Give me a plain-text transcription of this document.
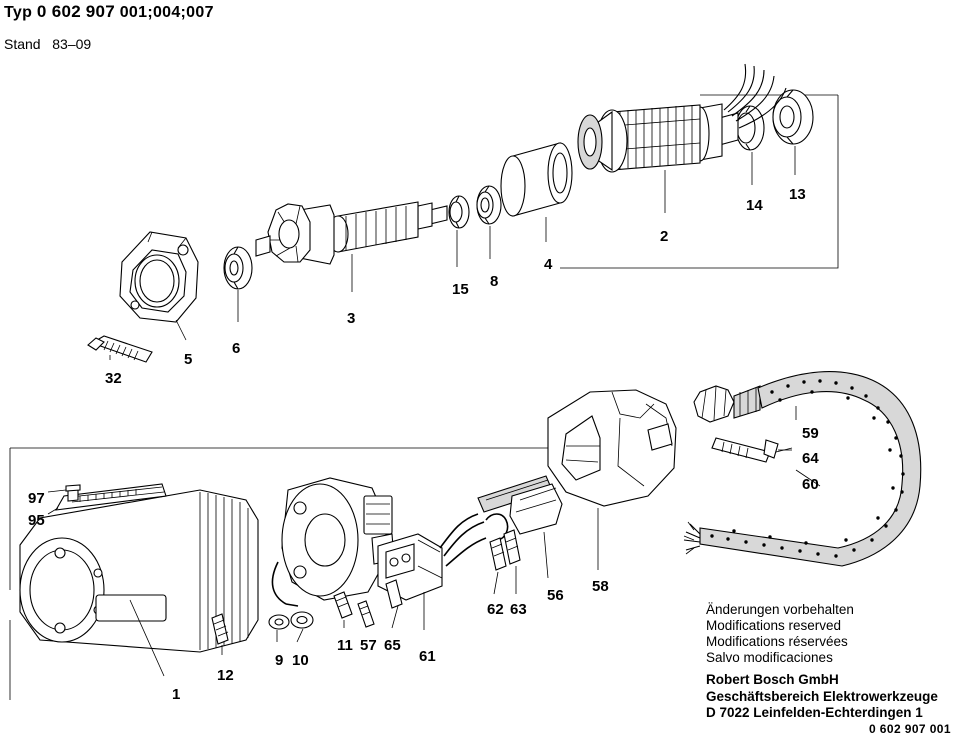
Typ 0 602 907 001;004;007
Stand 83–09
32
5
6
3
15 8
4
2
14
13
59
64
60
97
95
1
12
9 10
11 57 65
61
62 63
56
58
Änderungen vorbehalten
Modifications reserved
Modifications réservées
Salvo modificaciones
Robert Bosch GmbH
Geschäftsbereich Elektrowerkzeuge
D 7022 Leinfelden-Echterdingen 1
0 602 907 001
